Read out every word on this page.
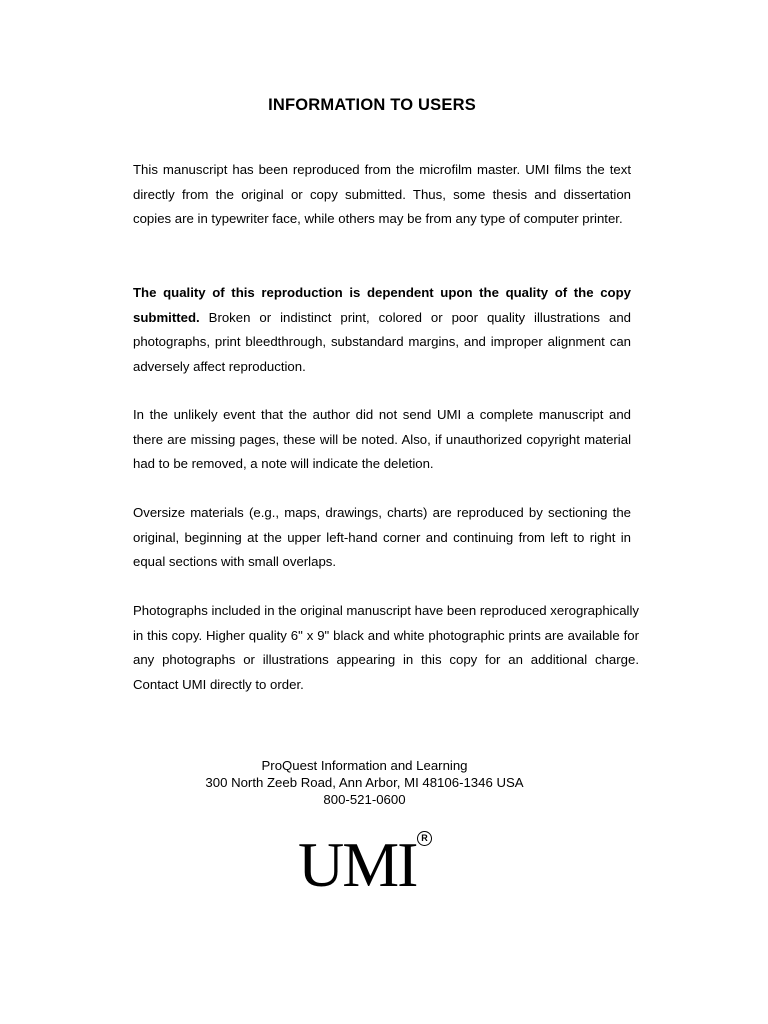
INFORMATION TO USERS
This manuscript has been reproduced from the microfilm master. UMI films the text directly from the original or copy submitted. Thus, some thesis and dissertation copies are in typewriter face, while others may be from any type of computer printer.
The quality of this reproduction is dependent upon the quality of the copy submitted. Broken or indistinct print, colored or poor quality illustrations and photographs, print bleedthrough, substandard margins, and improper alignment can adversely affect reproduction.
In the unlikely event that the author did not send UMI a complete manuscript and there are missing pages, these will be noted. Also, if unauthorized copyright material had to be removed, a note will indicate the deletion.
Oversize materials (e.g., maps, drawings, charts) are reproduced by sectioning the original, beginning at the upper left-hand corner and continuing from left to right in equal sections with small overlaps.
Photographs included in the original manuscript have been reproduced xerographically in this copy. Higher quality 6" x 9" black and white photographic prints are available for any photographs or illustrations appearing in this copy for an additional charge. Contact UMI directly to order.
ProQuest Information and Learning
300 North Zeeb Road, Ann Arbor, MI 48106-1346 USA
800-521-0600
UMI R
